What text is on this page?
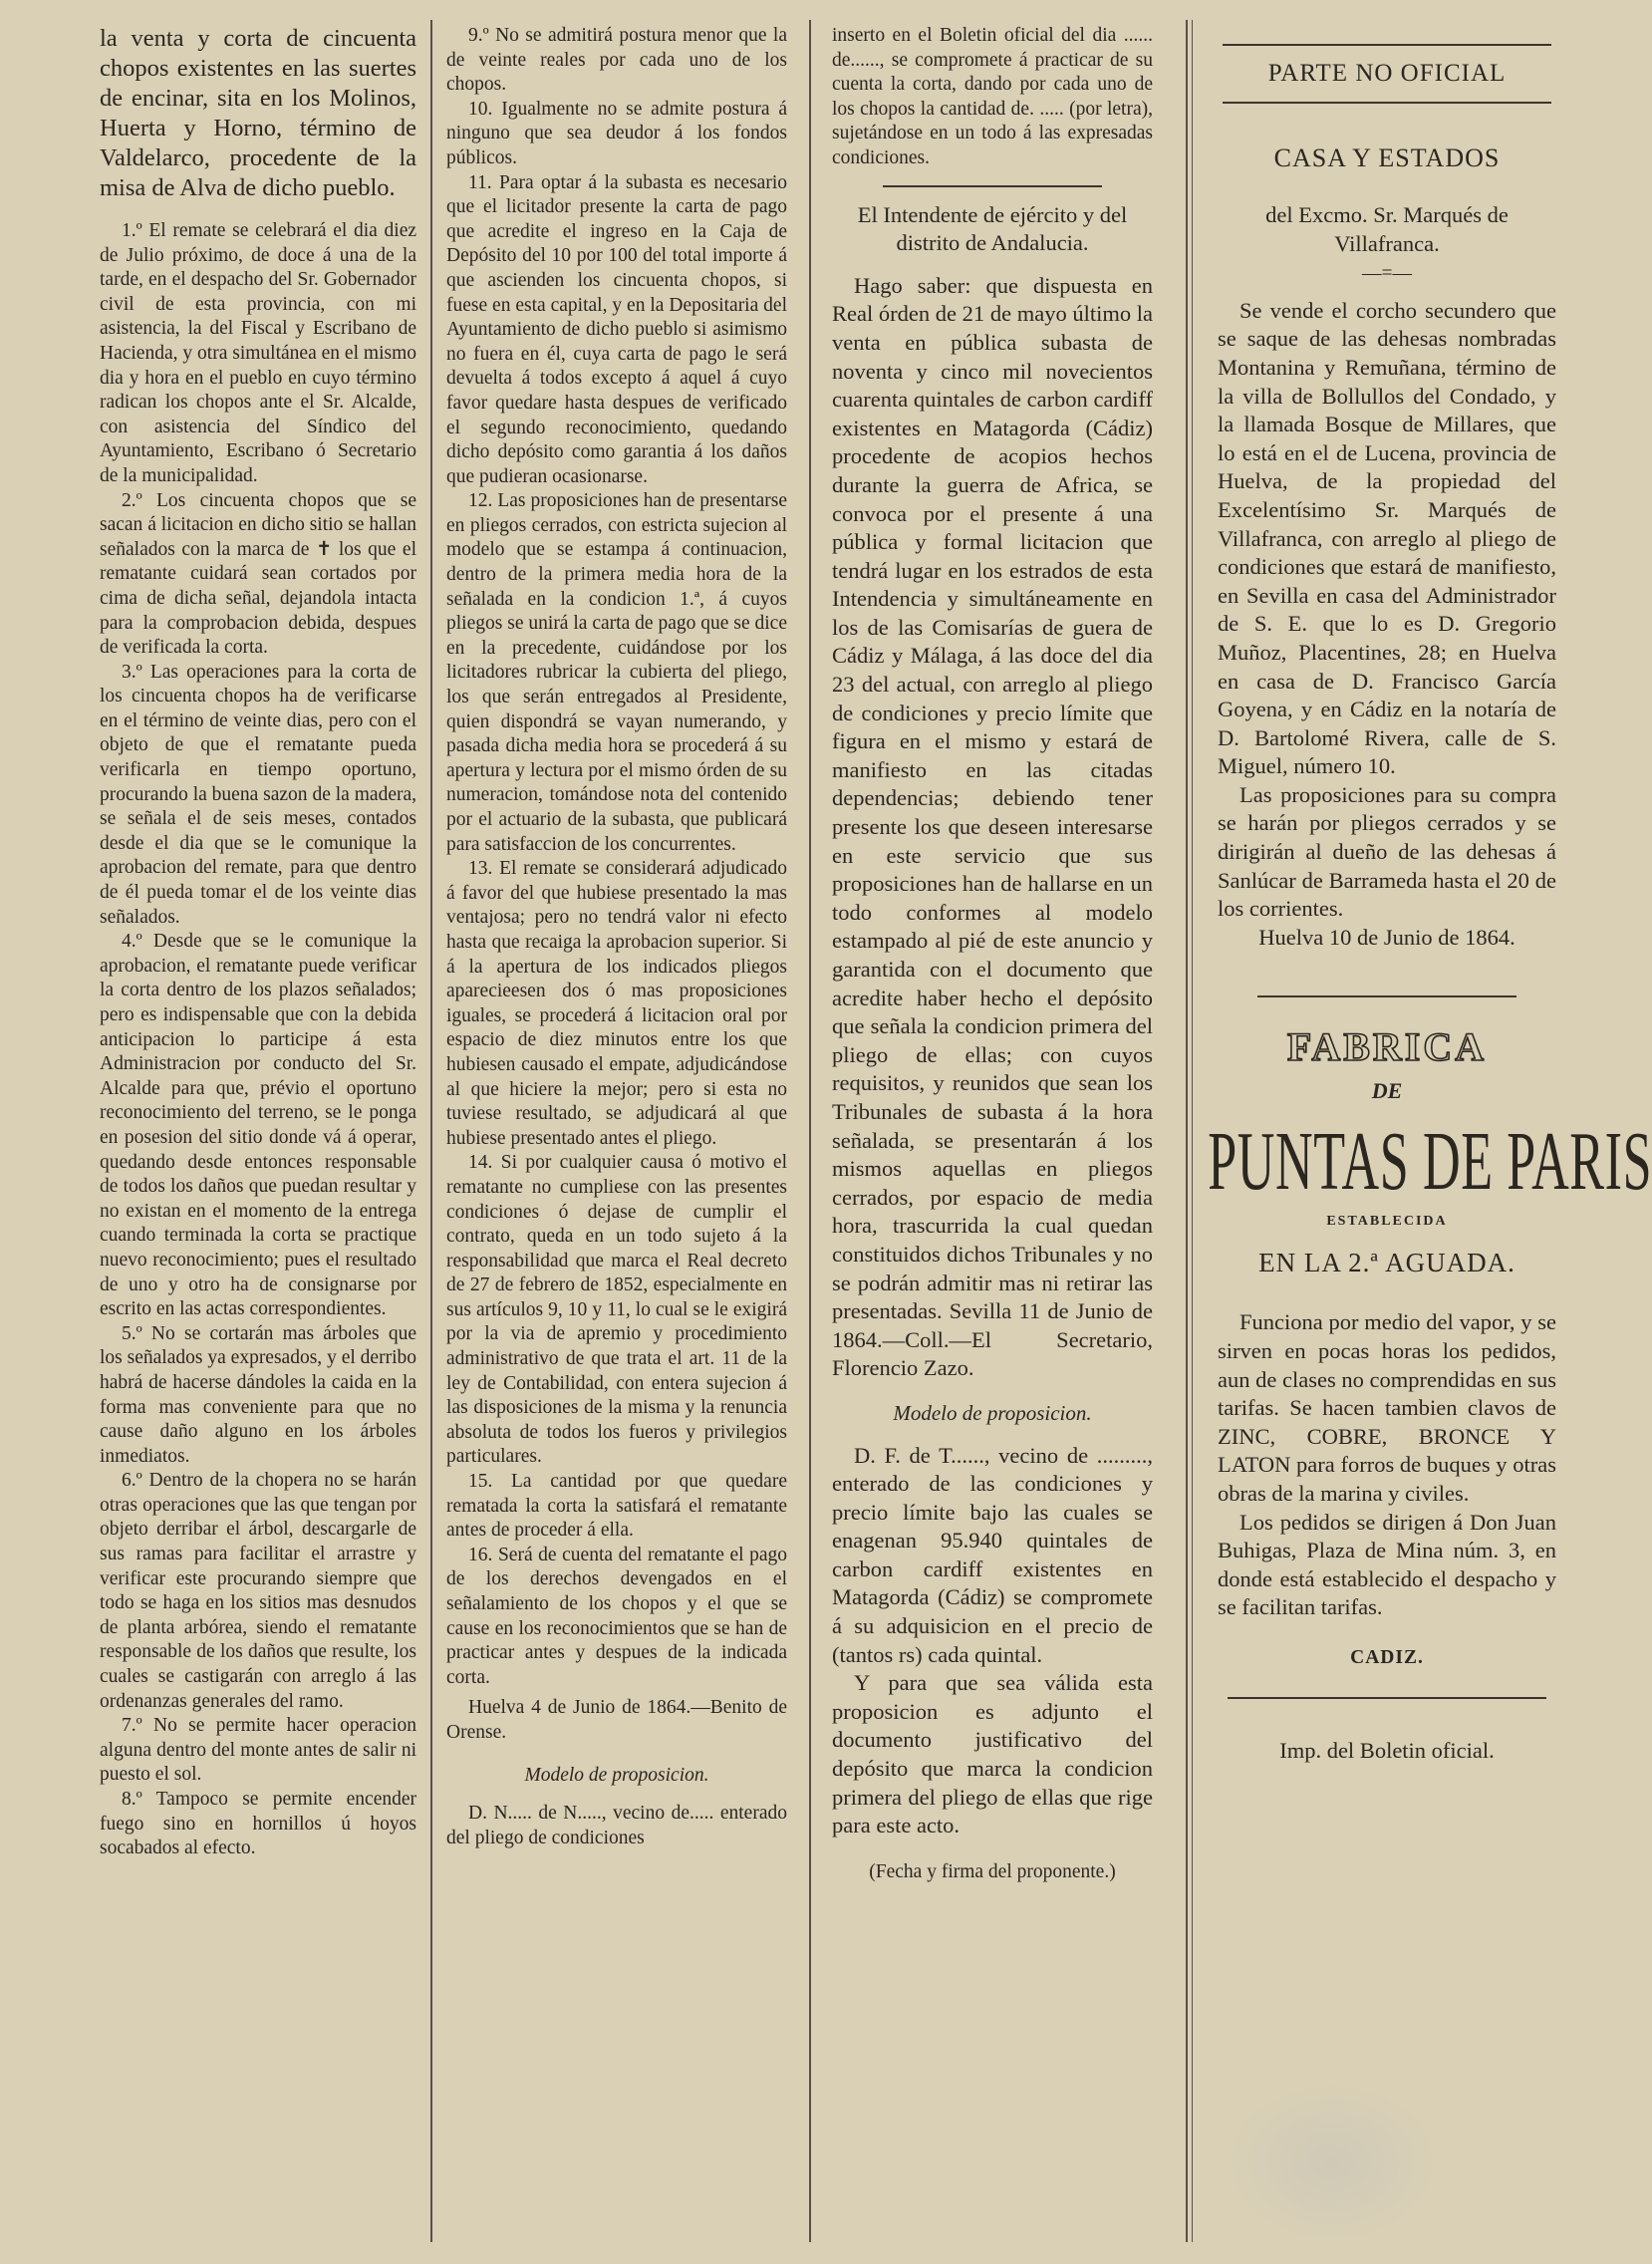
la venta y corta de cincuenta chopos existentes en las suertes de encinar, sita en los Molinos, Huerta y Horno, término de Valdelarco, procedente de la misa de Alva de dicho pueblo.

1.º El remate se celebrará el dia diez de Julio próximo, de doce á una de la tarde, en el despacho del Sr. Gobernador civil de esta provincia, con mi asistencia, la del Fiscal y Escribano de Hacienda, y otra simultánea en el mismo dia y hora en el pueblo en cuyo término radican los chopos ante el Sr. Alcalde, con asistencia del Síndico del Ayuntamiento, Escribano ó Secretario de la municipalidad.

2.º Los cincuenta chopos que se sacan á licitacion en dicho sitio se hallan señalados con la marca de ✝ los que el rematante cuidará sean cortados por cima de dicha señal, dejandola intacta para la comprobacion debida, despues de verificada la corta.

3.º Las operaciones para la corta de los cincuenta chopos ha de verificarse en el término de veinte dias, pero con el objeto de que el rematante pueda verificarla en tiempo oportuno, procurando la buena sazon de la madera, se señala el de seis meses, contados desde el dia que se le comunique la aprobacion del remate, para que dentro de él pueda tomar el de los veinte dias señalados.

4.º Desde que se le comunique la aprobacion, el rematante puede verificar la corta dentro de los plazos señalados; pero es indispensable que con la debida anticipacion lo participe á esta Administracion por conducto del Sr. Alcalde para que, prévio el oportuno reconocimiento del terreno, se le ponga en posesion del sitio donde vá á operar, quedando desde entonces responsable de todos los daños que puedan resultar y no existan en el momento de la entrega cuando terminada la corta se practique nuevo reconocimiento; pues el resultado de uno y otro ha de consignarse por escrito en las actas correspondientes.

5.º No se cortarán mas árboles que los señalados ya expresados, y el derribo habrá de hacerse dándoles la caida en la forma mas conveniente para que no cause daño alguno en los árboles inmediatos.

6.º Dentro de la chopera no se harán otras operaciones que las que tengan por objeto derribar el árbol, descargarle de sus ramas para facilitar el arrastre y verificar este procurando siempre que todo se haga en los sitios mas desnudos de planta arbórea, siendo el rematante responsable de los daños que resulte, los cuales se castigarán con arreglo á las ordenanzas generales del ramo.

7.º No se permite hacer operacion alguna dentro del monte antes de salir ni puesto el sol.

8.º Tampoco se permite encender fuego sino en hornillos ú hoyos socabados al efecto.

9.º No se admitirá postura menor que la de veinte reales por cada uno de los chopos.

10. Igualmente no se admite postura á ninguno que sea deudor á los fondos públicos.

11. Para optar á la subasta es necesario que el licitador presente la carta de pago que acredite el ingreso en la Caja de Depósito del 10 por 100 del total importe á que ascienden los cincuenta chopos, si fuese en esta capital, y en la Depositaria del Ayuntamiento de dicho pueblo si asimismo no fuera en él, cuya carta de pago le será devuelta á todos excepto á aquel á cuyo favor quedare hasta despues de verificado el segundo reconocimiento, quedando dicho depósito como garantia á los daños que pudieran ocasionarse.

12. Las proposiciones han de presentarse en pliegos cerrados, con estricta sujecion al modelo que se estampa á continuacion, dentro de la primera media hora de la señalada en la condicion 1.ª, á cuyos pliegos se unirá la carta de pago que se dice en la precedente, cuidándose por los licitadores rubricar la cubierta del pliego, los que serán entregados al Presidente, quien dispondrá se vayan numerando, y pasada dicha media hora se procederá á su apertura y lectura por el mismo órden de su numeracion, tomándose nota del contenido por el actuario de la subasta, que publicará para satisfaccion de los concurrentes.

13. El remate se considerará adjudicado á favor del que hubiese presentado la mas ventajosa; pero no tendrá valor ni efecto hasta que recaiga la aprobacion superior. Si á la apertura de los indicados pliegos aparecieesen dos ó mas proposiciones iguales, se procederá á licitacion oral por espacio de diez minutos entre los que hubiesen causado el empate, adjudicándose al que hiciere la mejor; pero si esta no tuviese resultado, se adjudicará al que hubiese presentado antes el pliego.

14. Si por cualquier causa ó motivo el rematante no cumpliese con las presentes condiciones ó dejase de cumplir el contrato, queda en un todo sujeto á la responsabilidad que marca el Real decreto de 27 de febrero de 1852, especialmente en sus artículos 9, 10 y 11, lo cual se le exigirá por la via de apremio y procedimiento administrativo de que trata el art. 11 de la ley de Contabilidad, con entera sujecion á las disposiciones de la misma y la renuncia absoluta de todos los fueros y privilegios particulares.

15. La cantidad por que quedare rematada la corta la satisfará el rematante antes de proceder á ella.

16. Será de cuenta del rematante el pago de los derechos devengados en el señalamiento de los chopos y el que se cause en los reconocimientos que se han de practicar antes y despues de la indicada corta.

Huelva 4 de Junio de 1864.—Benito de Orense.

Modelo de proposicion.

D. N..... de N....., vecino de..... enterado del pliego de condiciones

inserto en el Boletin oficial del dia ...... de......, se compromete á practicar de su cuenta la corta, dando por cada uno de los chopos la cantidad de. ..... (por letra), sujetándose en un todo á las expresadas condiciones.

El Intendente de ejército y del distrito de Andalucia.

Hago saber: que dispuesta en Real órden de 21 de mayo último la venta en pública subasta de noventa y cinco mil novecientos cuarenta quintales de carbon cardiff existentes en Matagorda (Cádiz) procedente de acopios hechos durante la guerra de Africa, se convoca por el presente á una pública y formal licitacion que tendrá lugar en los estrados de esta Intendencia y simultáneamente en los de las Comisarías de guera de Cádiz y Málaga, á las doce del dia 23 del actual, con arreglo al pliego de condiciones y precio límite que figura en el mismo y estará de manifiesto en las citadas dependencias; debiendo tener presente los que deseen interesarse en este servicio que sus proposiciones han de hallarse en un todo conformes al modelo estampado al pié de este anuncio y garantida con el documento que acredite haber hecho el depósito que señala la condicion primera del pliego de ellas; con cuyos requisitos, y reunidos que sean los Tribunales de subasta á la hora señalada, se presentarán á los mismos aquellas en pliegos cerrados, por espacio de media hora, trascurrida la cual quedan constituidos dichos Tribunales y no se podrán admitir mas ni retirar las presentadas. Sevilla 11 de Junio de 1864.—Coll.—El Secretario, Florencio Zazo.

Modelo de proposicion.

D. F. de T......, vecino de ........., enterado de las condiciones y precio límite bajo las cuales se enagenan 95.940 quintales de carbon cardiff existentes en Matagorda (Cádiz) se compromete á su adquisicion en el precio de (tantos rs) cada quintal.

Y para que sea válida esta proposicion es adjunto el documento justificativo del depósito que marca la condicion primera del pliego de ellas que rige para este acto.

(Fecha y firma del proponente.)

PARTE NO OFICIAL
CASA Y ESTADOS

del Excmo. Sr. Marqués de Villafranca.

—=—

Se vende el corcho secundero que se saque de las dehesas nombradas Montanina y Remuñana, término de la villa de Bollullos del Condado, y la llamada Bosque de Millares, que lo está en el de Lucena, provincia de Huelva, de la propiedad del Excelentísimo Sr. Marqués de Villafranca, con arreglo al pliego de condiciones que estará de manifiesto, en Sevilla en casa del Administrador de S. E. que lo es D. Gregorio Muñoz, Placentines, 28; en Huelva en casa de D. Francisco García Goyena, y en Cádiz en la notaría de D. Bartolomé Rivera, calle de S. Miguel, número 10.

Las proposiciones para su compra se harán por pliegos cerrados y se dirigirán al dueño de las dehesas á Sanlúcar de Barrameda hasta el 20 de los corrientes.

Huelva 10 de Junio de 1864.

FABRICA
DE
PUNTAS DE PARIS
ESTABLECIDA
EN LA 2.ª AGUADA.

Funciona por medio del vapor, y se sirven en pocas horas los pedidos, aun de clases no comprendidas en sus tarifas. Se hacen tambien clavos de ZINC, COBRE, BRONCE Y LATON para forros de buques y otras obras de la marina y civiles.

Los pedidos se dirigen á Don Juan Buhigas, Plaza de Mina núm. 3, en donde está establecido el despacho y se facilitan tarifas.

CADIZ.

Imp. del Boletin oficial.
